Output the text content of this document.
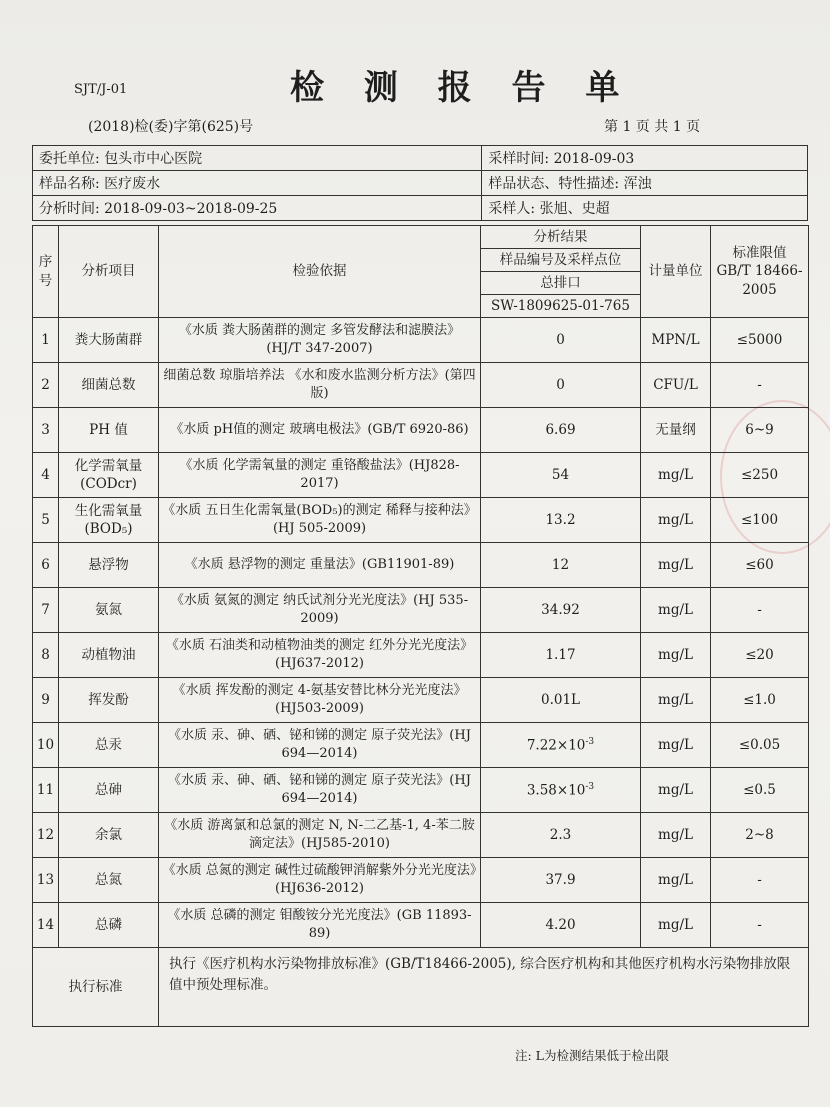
SJT/J-01	检 测 报 告 单
(2018)检(委)字第(625)号	第 1 页 共 1 页
委托单位: 包头市中心医院	采样时间: 2018-09-03
样品名称: 医疗废水	样品状态、特性描述: 浑浊
分析时间: 2018-09-03~2018-09-25	采样人: 张旭、史超
序号	分析项目	检验依据	分析结果	计量单位	标准限值 GB/T 18466-2005
			样品编号及采样点位		
			总排口		
			SW-1809625-01-765		
1	粪大肠菌群	《水质 粪大肠菌群的测定 多管发酵法和滤膜法》(HJ/T 347-2007)	0	MPN/L	≤5000
2	细菌总数	细菌总数 琼脂培养法 《水和废水监测分析方法》(第四版)	0	CFU/L	-
3	PH 值	《水质 pH值的测定 玻璃电极法》(GB/T 6920-86)	6.69	无量纲	6~9
4	化学需氧量(CODcr)	《水质 化学需氧量的测定 重铬酸盐法》(HJ828-2017)	54	mg/L	≤250
5	生化需氧量(BOD₅)	《水质 五日生化需氧量(BOD₅)的测定 稀释与接种法》(HJ 505-2009)	13.2	mg/L	≤100
6	悬浮物	《水质 悬浮物的测定 重量法》(GB11901-89)	12	mg/L	≤60
7	氨氮	《水质 氨氮的测定 纳氏试剂分光光度法》(HJ 535-2009)	34.92	mg/L	-
8	动植物油	《水质 石油类和动植物油类的测定 红外分光光度法》(HJ637-2012)	1.17	mg/L	≤20
9	挥发酚	《水质 挥发酚的测定 4-氨基安替比林分光光度法》(HJ503-2009)	0.01L	mg/L	≤1.0
10	总汞	《水质 汞、砷、硒、铋和锑的测定 原子荧光法》(HJ 694—2014)	$7.22\times 10^{-3}$	mg/L	≤0.05
11	总砷	《水质 汞、砷、硒、铋和锑的测定 原子荧光法》(HJ 694—2014)	$3.58\times 10^{-3}$	mg/L	≤0.5
12	余氯	《水质 游离氯和总氯的测定 N, N-二乙基-1, 4-苯二胺滴定法》(HJ585-2010)	2.3	mg/L	2~8
13	总氮	《水质 总氮的测定 碱性过硫酸钾消解紫外分光光度法》(HJ636-2012)	37.9	mg/L	-
14	总磷	《水质 总磷的测定 钼酸铵分光光度法》(GB 11893-89)	4.20	mg/L	-
执行标准		执行《医疗机构水污染物排放标准》(GB/T18466-2005), 综合医疗机构和其他医疗机构水污染物排放限值中预处理标准。			
注: L为检测结果低于检出限
